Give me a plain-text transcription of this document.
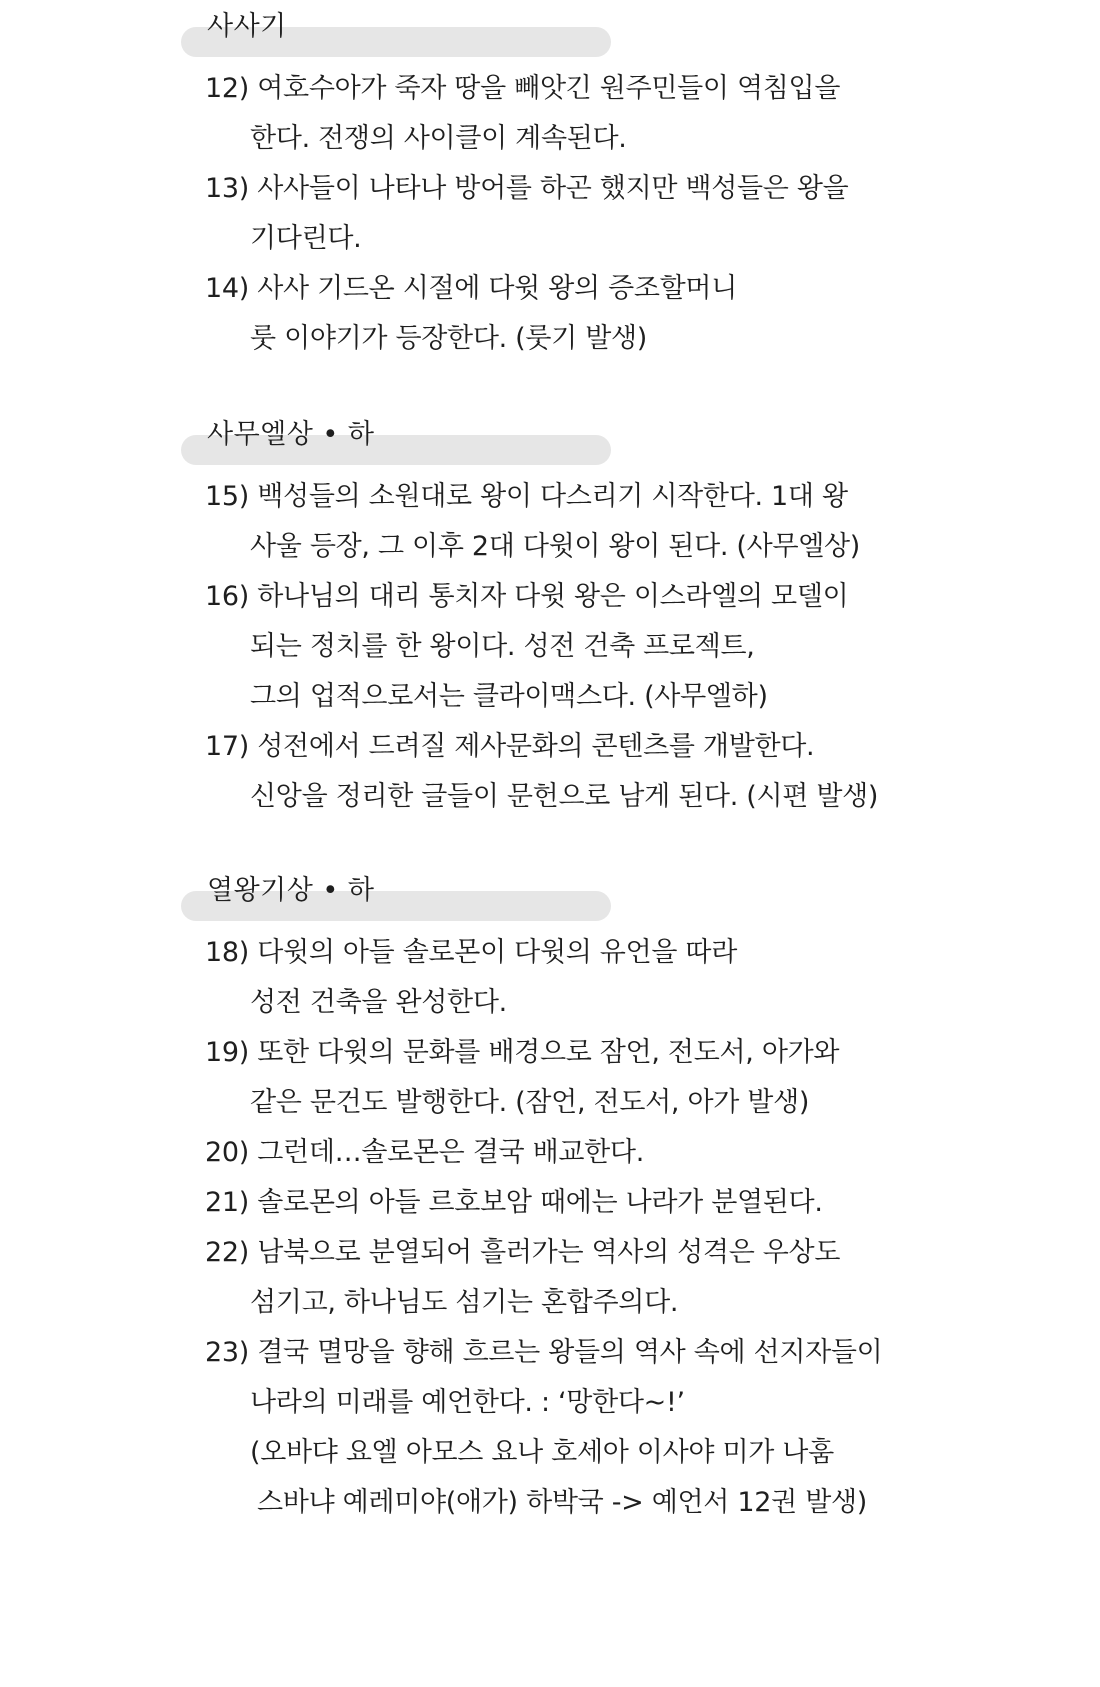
사사기
12) 여호수아가 죽자 땅을 빼앗긴 원주민들이 역침입을
한다. 전쟁의 사이클이 계속된다.
13) 사사들이 나타나 방어를 하곤 했지만 백성들은 왕을
기다린다.
14) 사사 기드온 시절에 다윗 왕의 증조할머니
룻 이야기가 등장한다. (룻기 발생)
사무엘상 • 하
15) 백성들의 소원대로 왕이 다스리기 시작한다. 1대 왕
사울 등장, 그 이후 2대 다윗이 왕이 된다. (사무엘상)
16) 하나님의 대리 통치자 다윗 왕은 이스라엘의 모델이
되는 정치를 한 왕이다. 성전 건축 프로젝트,
그의 업적으로서는 클라이맥스다. (사무엘하)
17) 성전에서 드려질 제사문화의 콘텐츠를 개발한다.
신앙을 정리한 글들이 문헌으로 남게 된다. (시편 발생)
열왕기상 • 하
18) 다윗의 아들 솔로몬이 다윗의 유언을 따라
성전 건축을 완성한다.
19) 또한 다윗의 문화를 배경으로 잠언, 전도서, 아가와
같은 문건도 발행한다. (잠언, 전도서, 아가 발생)
20) 그런데…솔로몬은 결국 배교한다.
21) 솔로몬의 아들 르호보암 때에는 나라가 분열된다.
22) 남북으로 분열되어 흘러가는 역사의 성격은 우상도
섬기고, 하나님도 섬기는 혼합주의다.
23) 결국 멸망을 향해 흐르는 왕들의 역사 속에 선지자들이
나라의 미래를 예언한다. : ‘망한다~!’
(오바댜 요엘 아모스 요나 호세아 이사야 미가 나훔
스바냐 예레미야(애가) 하박국 -> 예언서 12권 발생)
